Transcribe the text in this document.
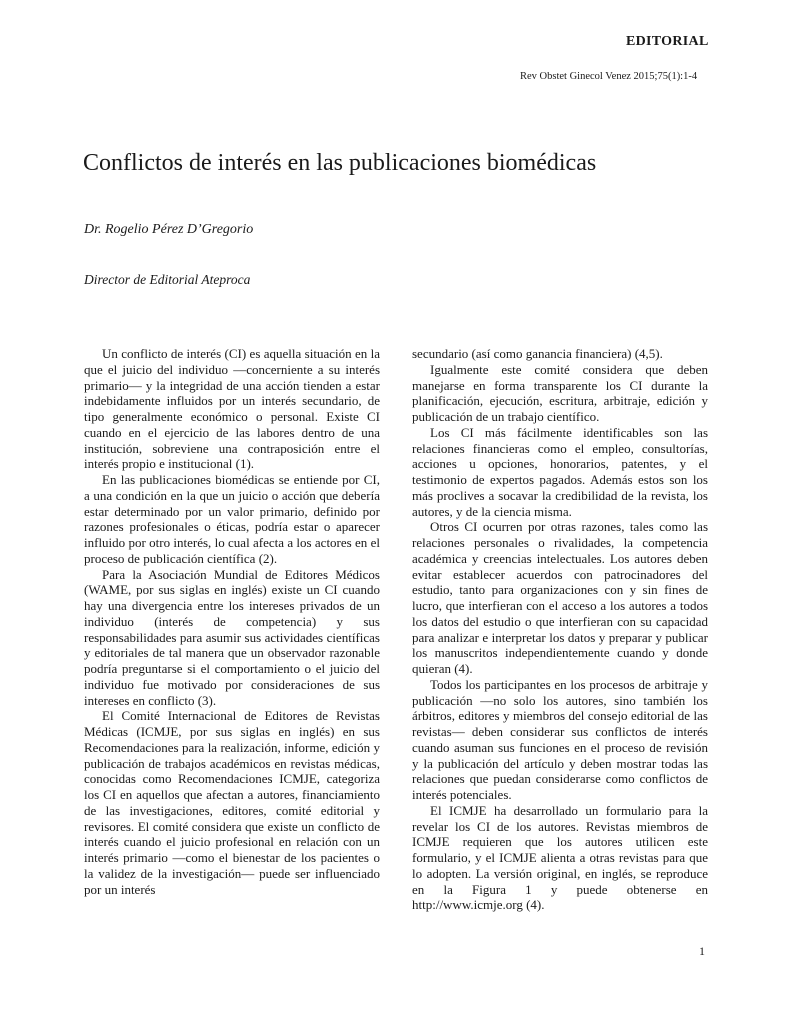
EDITORIAL
Rev Obstet Ginecol Venez 2015;75(1):1-4
Conflictos de interés en las publicaciones biomédicas
Dr. Rogelio Pérez D’Gregorio
Director de Editorial Ateproca

Un conflicto de interés (CI) es aquella situación en la que el juicio del individuo —concerniente a su interés primario— y la integridad de una acción tienden a estar indebidamente influidos por un interés secundario, de tipo generalmente económico o personal. Existe CI cuando en el ejercicio de las labores dentro de una institución, sobreviene una contraposición entre el interés propio e institucional (1).

En las publicaciones biomédicas se entiende por CI, a una condición en la que un juicio o acción que debería estar determinado por un valor primario, definido por razones profesionales o éticas, podría estar o aparecer influido por otro interés, lo cual afecta a los actores en el proceso de publicación científica (2).

Para la Asociación Mundial de Editores Médicos (WAME, por sus siglas en inglés) existe un CI cuando hay una divergencia entre los intereses privados de un individuo (interés de competencia) y sus responsabilidades para asumir sus actividades científicas y editoriales de tal manera que un observador razonable podría preguntarse si el comportamiento o el juicio del individuo fue motivado por consideraciones de sus intereses en conflicto (3).

El Comité Internacional de Editores de Revistas Médicas (ICMJE, por sus siglas en inglés) en sus Recomendaciones para la realización, informe, edición y publicación de trabajos académicos en revistas médicas, conocidas como Recomendaciones ICMJE, categoriza los CI en aquellos que afectan a autores, financiamiento de las investigaciones, editores, comité editorial y revisores. El comité considera que existe un conflicto de interés cuando el juicio profesional en relación con un interés primario —como el bienestar de los pacientes o la validez de la investigación— puede ser influenciado por un interés

secundario (así como ganancia financiera) (4,5).

Igualmente este comité considera que deben manejarse en forma transparente los CI durante la planificación, ejecución, escritura, arbitraje, edición y publicación de un trabajo científico.

Los CI más fácilmente identificables son las relaciones financieras como el empleo, consultorías, acciones u opciones, honorarios, patentes, y el testimonio de expertos pagados. Además estos son los más proclives a socavar la credibilidad de la revista, los autores, y de la ciencia misma.

Otros CI ocurren por otras razones, tales como las relaciones personales o rivalidades, la competencia académica y creencias intelectuales. Los autores deben evitar establecer acuerdos con patrocinadores del estudio, tanto para organizaciones con y sin fines de lucro, que interfieran con el acceso a los autores a todos los datos del estudio o que interfieran con su capacidad para analizar e interpretar los datos y preparar y publicar los manuscritos independientemente cuando y donde quieran (4).

Todos los participantes en los procesos de arbitraje y publicación —no solo los autores, sino también los árbitros, editores y miembros del consejo editorial de las revistas— deben considerar sus conflictos de interés cuando asuman sus funciones en el proceso de revisión y la publicación del artículo y deben mostrar todas las relaciones que puedan considerarse como conflictos de interés potenciales.

El ICMJE ha desarrollado un formulario para la revelar los CI de los autores. Revistas miembros de ICMJE requieren que los autores utilicen este formulario, y el ICMJE alienta a otras revistas para que lo adopten. La versión original, en inglés, se reproduce en la Figura 1 y puede obtenerse en http://www.icmje.org (4).

1
